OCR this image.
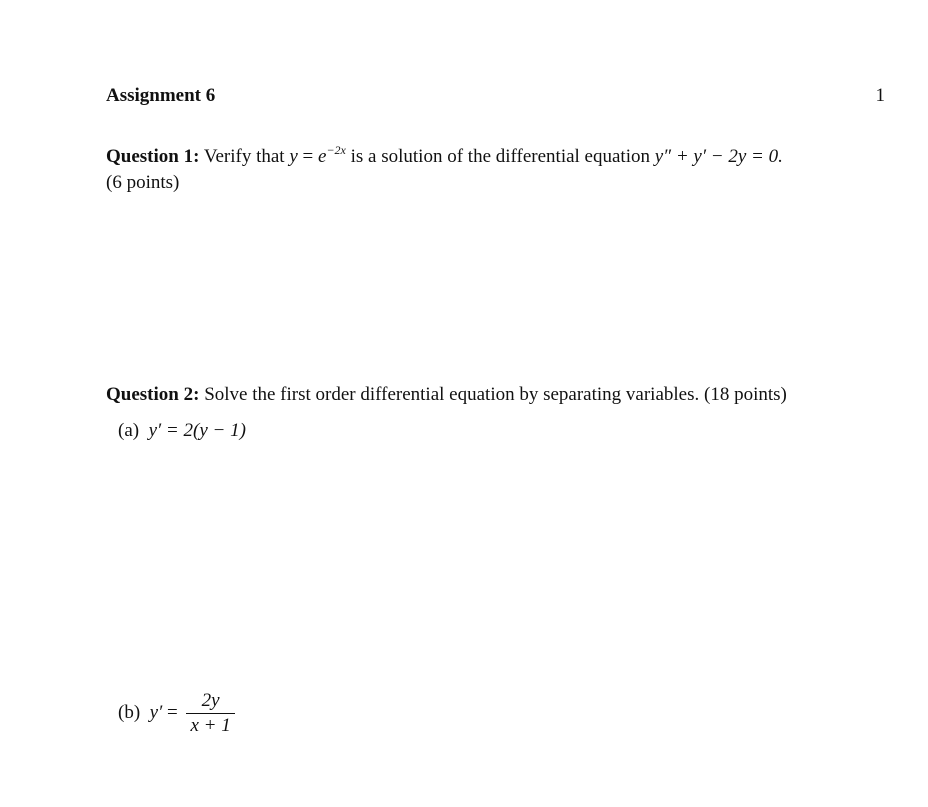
Assignment 6	1
Question 1: Verify that $y = e^{-2x}$ is a solution of the differential equation y″ + y′ − 2y = 0.
(6 points)
Question 2: Solve the first order differential equation by separating variables. (18 points)
(a) y′ = 2(y − 1)
(b) $y' = \frac{2y}{x + 1}$
